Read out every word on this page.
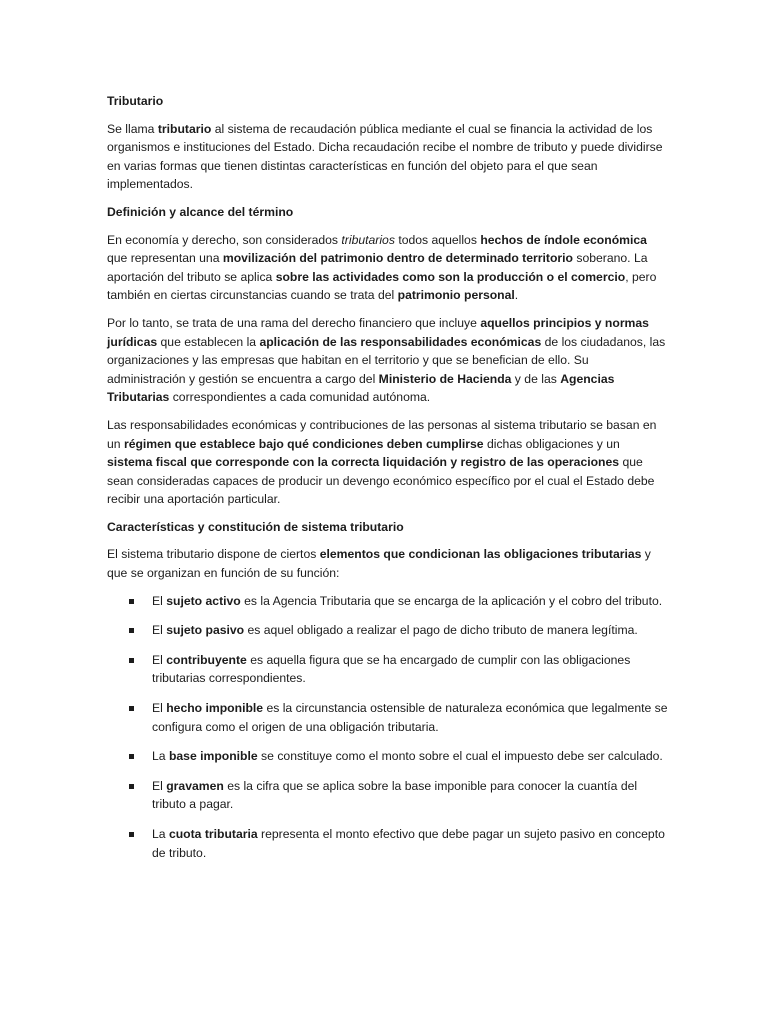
Tributario

Se llama tributario al sistema de recaudación pública mediante el cual se financia la actividad de los organismos e instituciones del Estado. Dicha recaudación recibe el nombre de tributo y puede dividirse en varias formas que tienen distintas características en función del objeto para el que sean implementados.

Definición y alcance del término

En economía y derecho, son considerados tributarios todos aquellos hechos de índole económica que representan una movilización del patrimonio dentro de determinado territorio soberano. La aportación del tributo se aplica sobre las actividades como son la producción o el comercio, pero también en ciertas circunstancias cuando se trata del patrimonio personal.

Por lo tanto, se trata de una rama del derecho financiero que incluye aquellos principios y normas jurídicas que establecen la aplicación de las responsabilidades económicas de los ciudadanos, las organizaciones y las empresas que habitan en el territorio y que se benefician de ello. Su administración y gestión se encuentra a cargo del Ministerio de Hacienda y de las Agencias Tributarias correspondientes a cada comunidad autónoma.

Las responsabilidades económicas y contribuciones de las personas al sistema tributario se basan en un régimen que establece bajo qué condiciones deben cumplirse dichas obligaciones y un sistema fiscal que corresponde con la correcta liquidación y registro de las operaciones que sean consideradas capaces de producir un devengo económico específico por el cual el Estado debe recibir una aportación particular.

Características y constitución de sistema tributario

El sistema tributario dispone de ciertos elementos que condicionan las obligaciones tributarias y que se organizan en función de su función:

El sujeto activo es la Agencia Tributaria que se encarga de la aplicación y el cobro del tributo.
El sujeto pasivo es aquel obligado a realizar el pago de dicho tributo de manera legítima.
El contribuyente es aquella figura que se ha encargado de cumplir con las obligaciones tributarias correspondientes.
El hecho imponible es la circunstancia ostensible de naturaleza económica que legalmente se configura como el origen de una obligación tributaria.
La base imponible se constituye como el monto sobre el cual el impuesto debe ser calculado.
El gravamen es la cifra que se aplica sobre la base imponible para conocer la cuantía del tributo a pagar.
La cuota tributaria representa el monto efectivo que debe pagar un sujeto pasivo en concepto de tributo.
